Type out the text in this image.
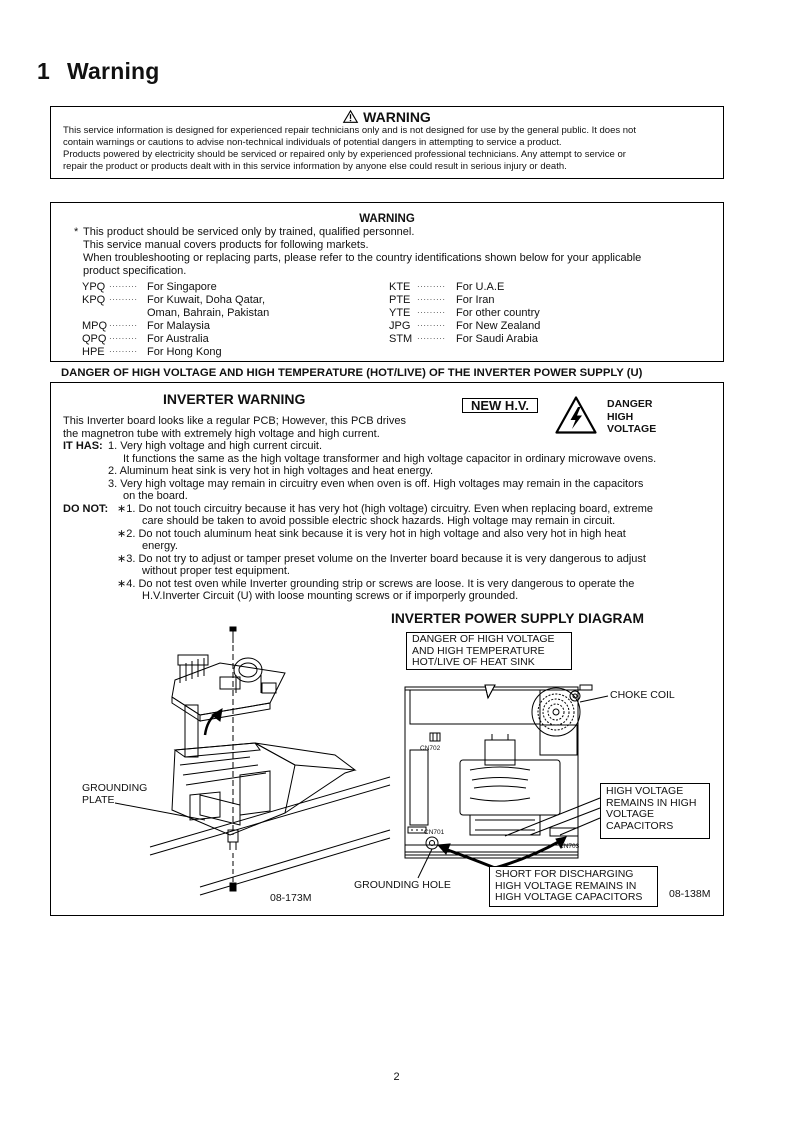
1 Warning
WARNING
This service information is designed for experienced repair technicians only and is not designed for use by the general public. It does not
contain warnings or cautions to advise non-technical individuals of potential dangers in attempting to service a product.
Products powered by electricity should be serviced or repaired only by experienced professional technicians. Any attempt to service or
repair the product or products dealt with in this service information by anyone else could result in serious injury or death.
WARNING
* This product should be serviced only by trained, qualified personnel.
This service manual covers products for following markets.
When troubleshooting or replacing parts, please refer to the country identifications shown below for your applicable
product specification.
YPQ ········· For Singapore
KPQ ········· For Kuwait, Doha Qatar,
Oman, Bahrain, Pakistan
MPQ ········· For Malaysia
QPQ ········· For Australia
HPE ········· For Hong Kong
KTE ········· For U.A.E
PTE ········· For Iran
YTE ········· For other country
JPG ········· For New Zealand
STM ········· For Saudi Arabia
DANGER OF HIGH VOLTAGE AND HIGH TEMPERATURE (HOT/LIVE) OF THE INVERTER POWER SUPPLY (U)
INVERTER WARNING	NEW H.V.	DANGER
HIGH
VOLTAGE
This Inverter board looks like a regular PCB; However, this PCB drives
the magnetron tube with extremely high voltage and high current.
IT HAS: 1. Very high voltage and high current circuit.
It functions the same as the high voltage transformer and high voltage capacitor in ordinary microwave ovens.
2. Aluminum heat sink is very hot in high voltages and heat energy.
3. Very high voltage may remain in circuitry even when oven is off. High voltages may remain in the capacitors
on the board.
DO NOT: ∗1. Do not touch circuitry because it has very hot (high voltage) circuitry. Even when replacing board, extreme
care should be taken to avoid possible electric shock hazards. High voltage may remain in circuit.
∗2. Do not touch aluminum heat sink because it is very hot in high voltage and also very hot in high heat
energy.
∗3. Do not try to adjust or tamper preset volume on the Inverter board because it is very dangerous to adjust
without proper test equipment.
∗4. Do not test oven while Inverter grounding strip or screws are loose. It is very dangerous to operate the
H.V.Inverter Circuit (U) with loose mounting screws or if imporperly grounded.
INVERTER POWER SUPPLY DIAGRAM
GROUNDING
PLATE
08-173M
DANGER OF HIGH VOLTAGE
AND HIGH TEMPERATURE
HOT/LIVE OF HEAT SINK
CHOKE COIL
CN702
CN701
CN703
HIGH VOLTAGE
REMAINS IN HIGH
VOLTAGE
CAPACITORS
SHORT FOR DISCHARGING
HIGH VOLTAGE REMAINS IN
HIGH VOLTAGE CAPACITORS
GROUNDING HOLE
08-138M
2
